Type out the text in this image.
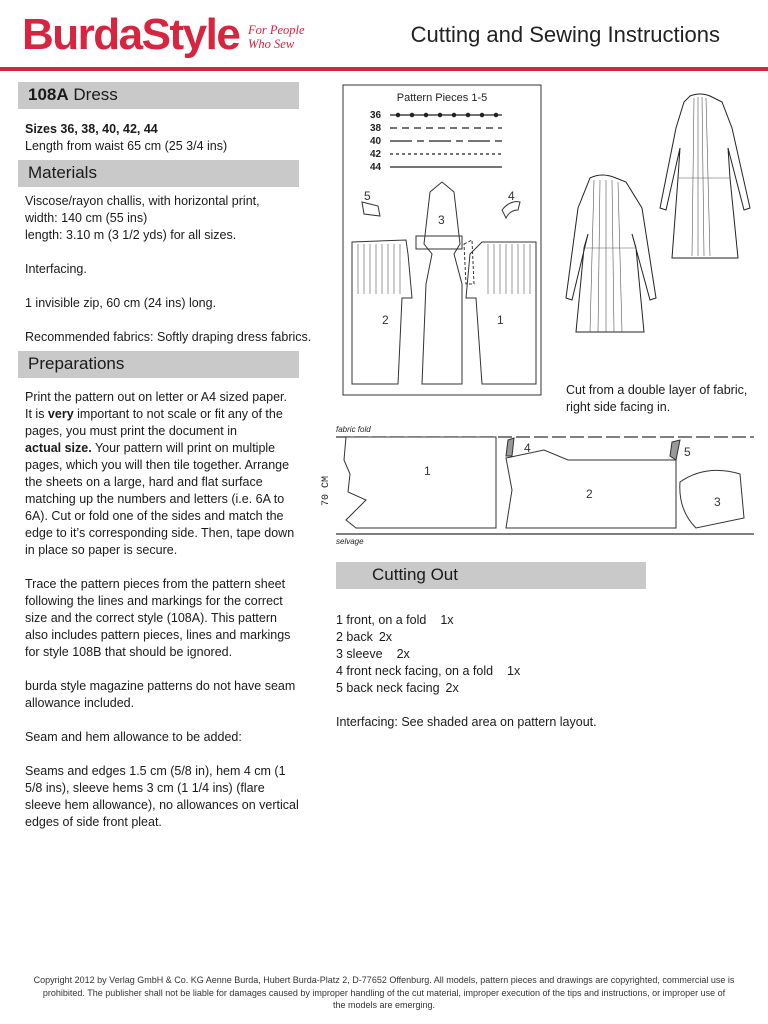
BurdaStyle For People
Who Sew	Cutting and Sewing Instructions
108A Dress

Sizes 36, 38, 40, 42, 44

Length from waist 65 cm (25 3/4 ins)

Materials

Viscose/rayon challis, with horizontal print,

width: 140 cm (55 ins)

length: 3.10 m (3 1/2 yds) for all sizes.

Interfacing.

1 invisible zip, 60 cm (24 ins) long.

Recommended fabrics: Softly draping dress fabrics.

Preparations

Print the pattern out on letter or A4 sized paper.

It is very important to not scale or fit any of the

pages, you must print the document in

actual size. Your pattern will print on multiple

pages, which you will then tile together. Arrange

the sheets on a large, hard and flat surface

matching up the numbers and letters (i.e. 6A to

6A). Cut or fold one of the sides and match the

edge to it’s corresponding side. Then, tape down

in place so paper is secure.

Trace the pattern pieces from the pattern sheet

following the lines and markings for the correct

size and the correct style (108A). This pattern

also includes pattern pieces, lines and markings

for style 108B that should be ignored.

burda style magazine patterns do not have seam

allowance included.

Seam and hem allowance to be added:

Seams and edges 1.5 cm (5/8 in), hem 4 cm (1

5/8 ins), sleeve hems 3 cm (1 1/4 ins) (flare

sleeve hem allowance), no allowances on vertical

edges of side front pleat.

Pattern Pieces 1-5
36
38
40
42
44
2
3
1
4
5
Cut from a double layer of fabric,
right side facing in.
fabric fold
selvage
70 CM
1
2
3
4	5
Cutting Out
1 front, on a fold 1x
2 back 2x
3 sleeve 2x
4 front neck facing, on a fold 1x
5 back neck facing 2x
Interfacing: See shaded area on pattern layout.
Copyright 2012 by Verlag GmbH & Co. KG Aenne Burda, Hubert Burda-Platz 2, D-77652 Offenburg. All models, pattern pieces and drawings are copyrighted, commercial use is
prohibited. The publisher shall not be liable for damages caused by improper handling of the cut material, improper execution of the tips and instructions, or improper use of
the models are emerging.
